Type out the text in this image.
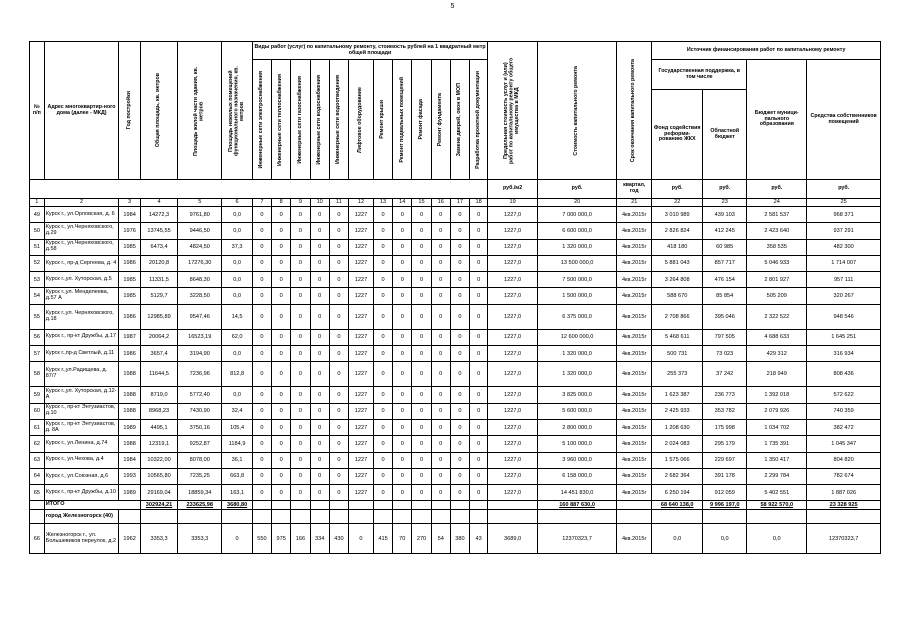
5
№ п/п	Адрес многоквартир-ного дома (далее - МКД)	Год постройки	Общая площадь, кв. метров	Площадь жилой части здания, кв. метров	Площадь нежилых помещений функционального назначения, кв. метров	Виды работ (услуг) по капитальному ремонту, стоимость рублей на 1 квадратный метр общей площади												Предельная стоимость услуг и (или) работ по капитальному ремонту общего имущества в МКД	Стоимость капитального ремонта	Срок окончания капитального ремонта	Источник финансирования работ по капитальному ремонту			

						Инженерные сети электроснабжения	Инженерные сети теплоснабжения	Инженерные сети газоснабжения	Инженерные сети водоснабжения	Инженерные сети водоотведения	Лифтовое оборудование	Ремонт крыши	Ремонт подвальных помещений	Ремонт фасада	Ремонт фундамента	Замена дверей, окон в МОП	Разработка проектной документации				Государственная поддержка, в том числе		Бюджет муници-пального образования	Средства собственников помещений
																					Фонд содействия реформи-рованию ЖКХ	Областной бюджет		
																		руб./м2	руб.	квартал, год	руб.	руб.	руб.	руб.
1	2	3	4	5	6	7	8	9	10	11	12	13	14	15	16	17	18	19	20	21	22	23	24	25
49	Курск г., ул.Орловская, д. 6	1984	14272,3	9761,80	0,0	0	0	0	0	0	1227	0	0	0	0	0	0	1227,0	7 000 000,0	4кв.2015г	3 010 989	439 103	2 581 537	968 371
50	Курск г., ул.Черняховского, д.29	1976	13745,55	9446,50	0,0	0	0	0	0	0	1227	0	0	0	0	0	0	1227,0	6 600 000,0	4кв.2015г	2 826 824	412 245	2 423 640	937 291
51	Курск г., ул.Черняховского, д.58	1985	6473,4	4824,50	37,3	0	0	0	0	0	1227	0	0	0	0	0	0	1227,0	1 320 000,0	4кв.2015г	418 180	60 985	358 535	482 300
52	Курск г., пр-д Сергеева, д. 4	1986	20120,8	17276,30	0,0	0	0	0	0	0	1227	0	0	0	0	0	0	1227,0	13 500 000,0	4кв.2015г	5 881 043	857 717	5 046 933	1 714 007
53	Курск г.,ул. Хуторская, д.5	1985	11331,5	8648,30	0,0	0	0	0	0	0	1227	0	0	0	0	0	0	1227,0	7 500 000,0	4кв.2015г	3 264 808	476 154	2 801 927	957 111
54	Курск г.,ул. Менделеева, д.57 А	1985	5129,7	3228,50	0,0	0	0	0	0	0	1227	0	0	0	0	0	0	1227,0	1 500 000,0	4кв.2015г	588 670	85 854	505 209	320 267
55	Курск г.,ул. Черняховского, д.18	1986	12985,89	9547,46	14,5	0	0	0	0	0	1227	0	0	0	0	0	0	1227,0	6 375 000,0	4кв.2015г	2 708 866	395 046	2 322 522	948 546
56	Курск г., пр-кт Дружбы, д.17	1987	20064,2	16523,19	62,0	0	0	0	0	0	1227	0	0	0	0	0	0	1227,0	12 600 000,0	4кв.2015г	5 468 611	797 505	4 688 633	1 645 251
57	Курск г.,пр-д Светлый, д.11	1986	3657,4	3194,90	0,0	0	0	0	0	0	1227	0	0	0	0	0	0	1227,0	1 320 000,0	4кв.2015г	500 731	73 023	429 312	316 934
58	Курск г.,ул.Радищева, д. 87/7	1988	11644,5	7236,96	812,8	0	0	0	0	0	1227	0	0	0	0	0	0	1227,0	1 320 000,0	4кв.2015г	255 373	37 242	218 949	808 436
59	Курск г.,ул. Хуторская, д.12-А	1988	8719,0	5772,40	0,0	0	0	0	0	0	1227	0	0	0	0	0	0	1227,0	3 825 000,0	4кв.2015г	1 623 387	236 773	1 392 018	572 622
60	Курск г., пр-кт Энтузиастов, д.10	1988	8968,23	7430,90	32,4	0	0	0	0	0	1227	0	0	0	0	0	0	1227,0	5 600 000,0	4кв.2015г	2 425 933	353 782	2 079 926	740 359
61	Курск г., пр-кт Энтузиастов, д. 8А	1989	4495,1	3750,16	105,4	0	0	0	0	0	1227	0	0	0	0	0	0	1227,0	2 800 000,0	4кв.2015г	1 208 630	175 998	1 034 702	382 472
62	Курск г., ул.Ленина, д.74	1988	12319,1	9252,87	1184,9	0	0	0	0	0	1227	0	0	0	0	0	0	1227,0	5 100 000,0	4кв.2015г	2 024 083	295 179	1 735 391	1 045 347
63	Курск г., ул.Чехова, д.4	1984	10322,00	8078,00	36,1	0	0	0	0	0	1227	0	0	0	0	0	0	1227,0	3 960 000,0	4кв.2015г	1 575 066	229 697	1 350 417	804 820
64	Курск г., ул.Союзная, д.6	1993	10565,80	7235,25	663,8	0	0	0	0	0	1227	0	0	0	0	0	0	1227,0	6 158 000,0	4кв.2015г	2 682 364	391 178	2 299 784	782 674
65	Курск г., пр-кт Дружбы, д.10	1989	29169,04	18859,34	163,1	0	0	0	0	0	1227	0	0	0	0	0	0	1227,0	14 451 830,0	4кв.2015г	6 250 194	912 059	5 402 551	1 887 026
	ИТОГО		302924,21	233625,98	3680,80														160 887 630,0		68 640 138,0	9 996 197,0	58 922 570,0	23 328 925
	город Железногорск (40)																							
66	Железногорск г., ул. Большевиков переулок, д.2	1962	3353,3	3353,3	0	550	975	166	334	430	0	415	70	270	54	380	43	3689,0	12370323,7	4кв.2015г	0,0	0,0	0,0	12370323,7
